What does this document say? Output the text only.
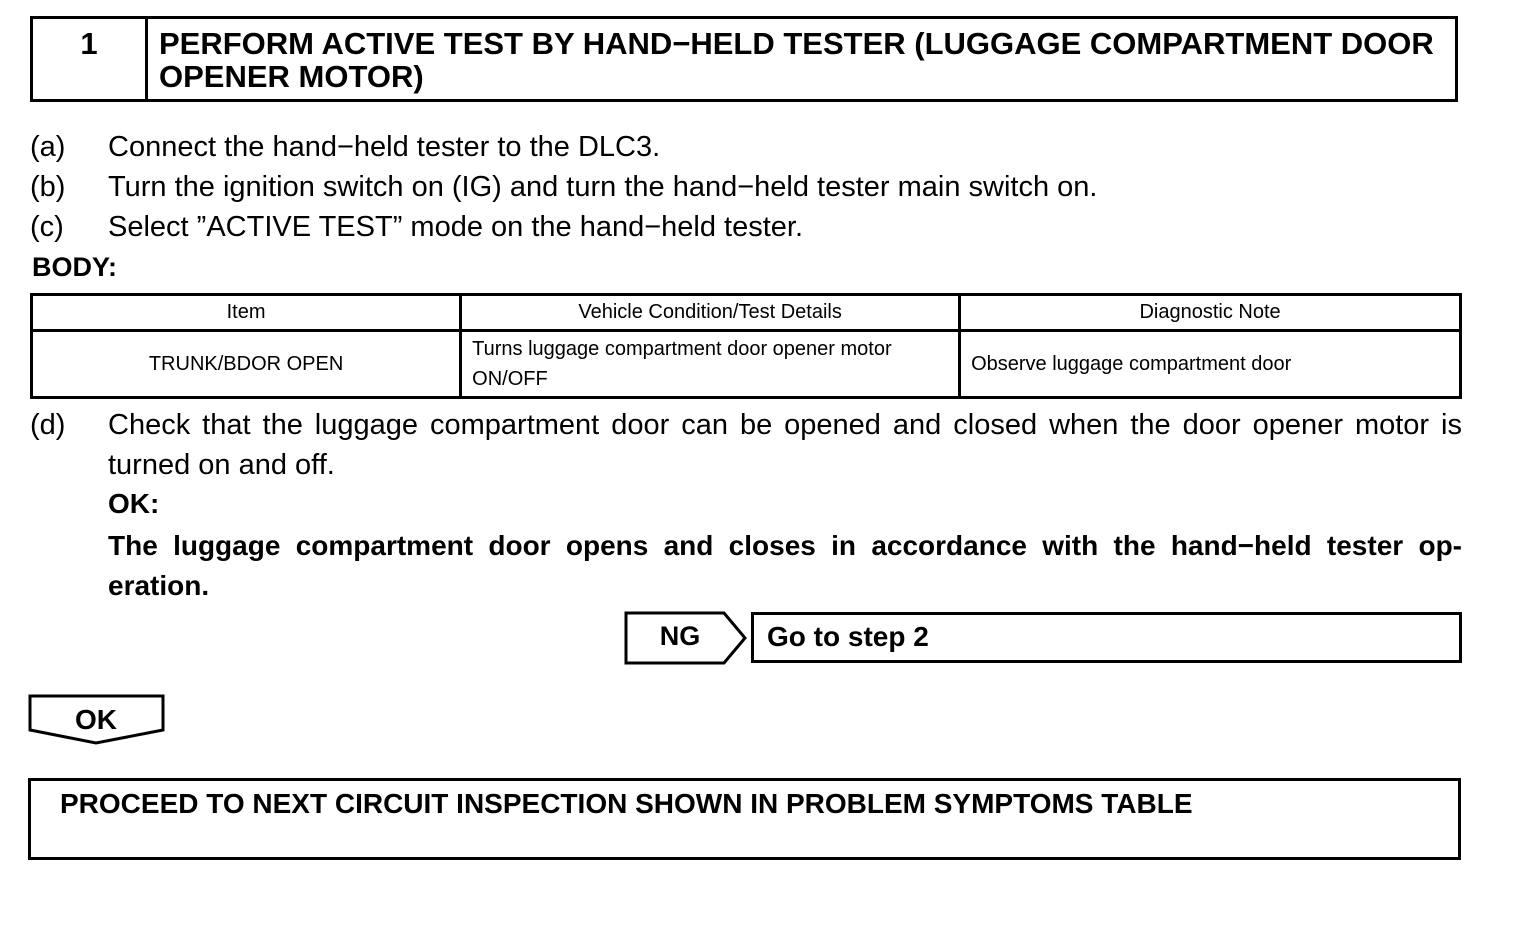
1	PERFORM ACTIVE TEST BY HAND−HELD TESTER (LUGGAGE COMPARTMENT DOOR OPENER MOTOR)
(a) Connect the hand−held tester to the DLC3.
(b) Turn the ignition switch on (IG) and turn the hand−held tester main switch on.
(c) Select ”ACTIVE TEST” mode on the hand−held tester.
BODY:
Item	Vehicle Condition/Test Details	Diagnostic Note
TRUNK/BDOR OPEN	Turns luggage compartment door opener motor ON/OFF	Observe luggage compartment door
(d) Check that the luggage compartment door can be opened and closed when the door opener motor is turned on and off.
OK:
The luggage compartment door opens and closes in accordance with the hand−held tester op-eration.
NG	Go to step 2
OK
PROCEED TO NEXT CIRCUIT INSPECTION SHOWN IN PROBLEM SYMPTOMS TABLE
